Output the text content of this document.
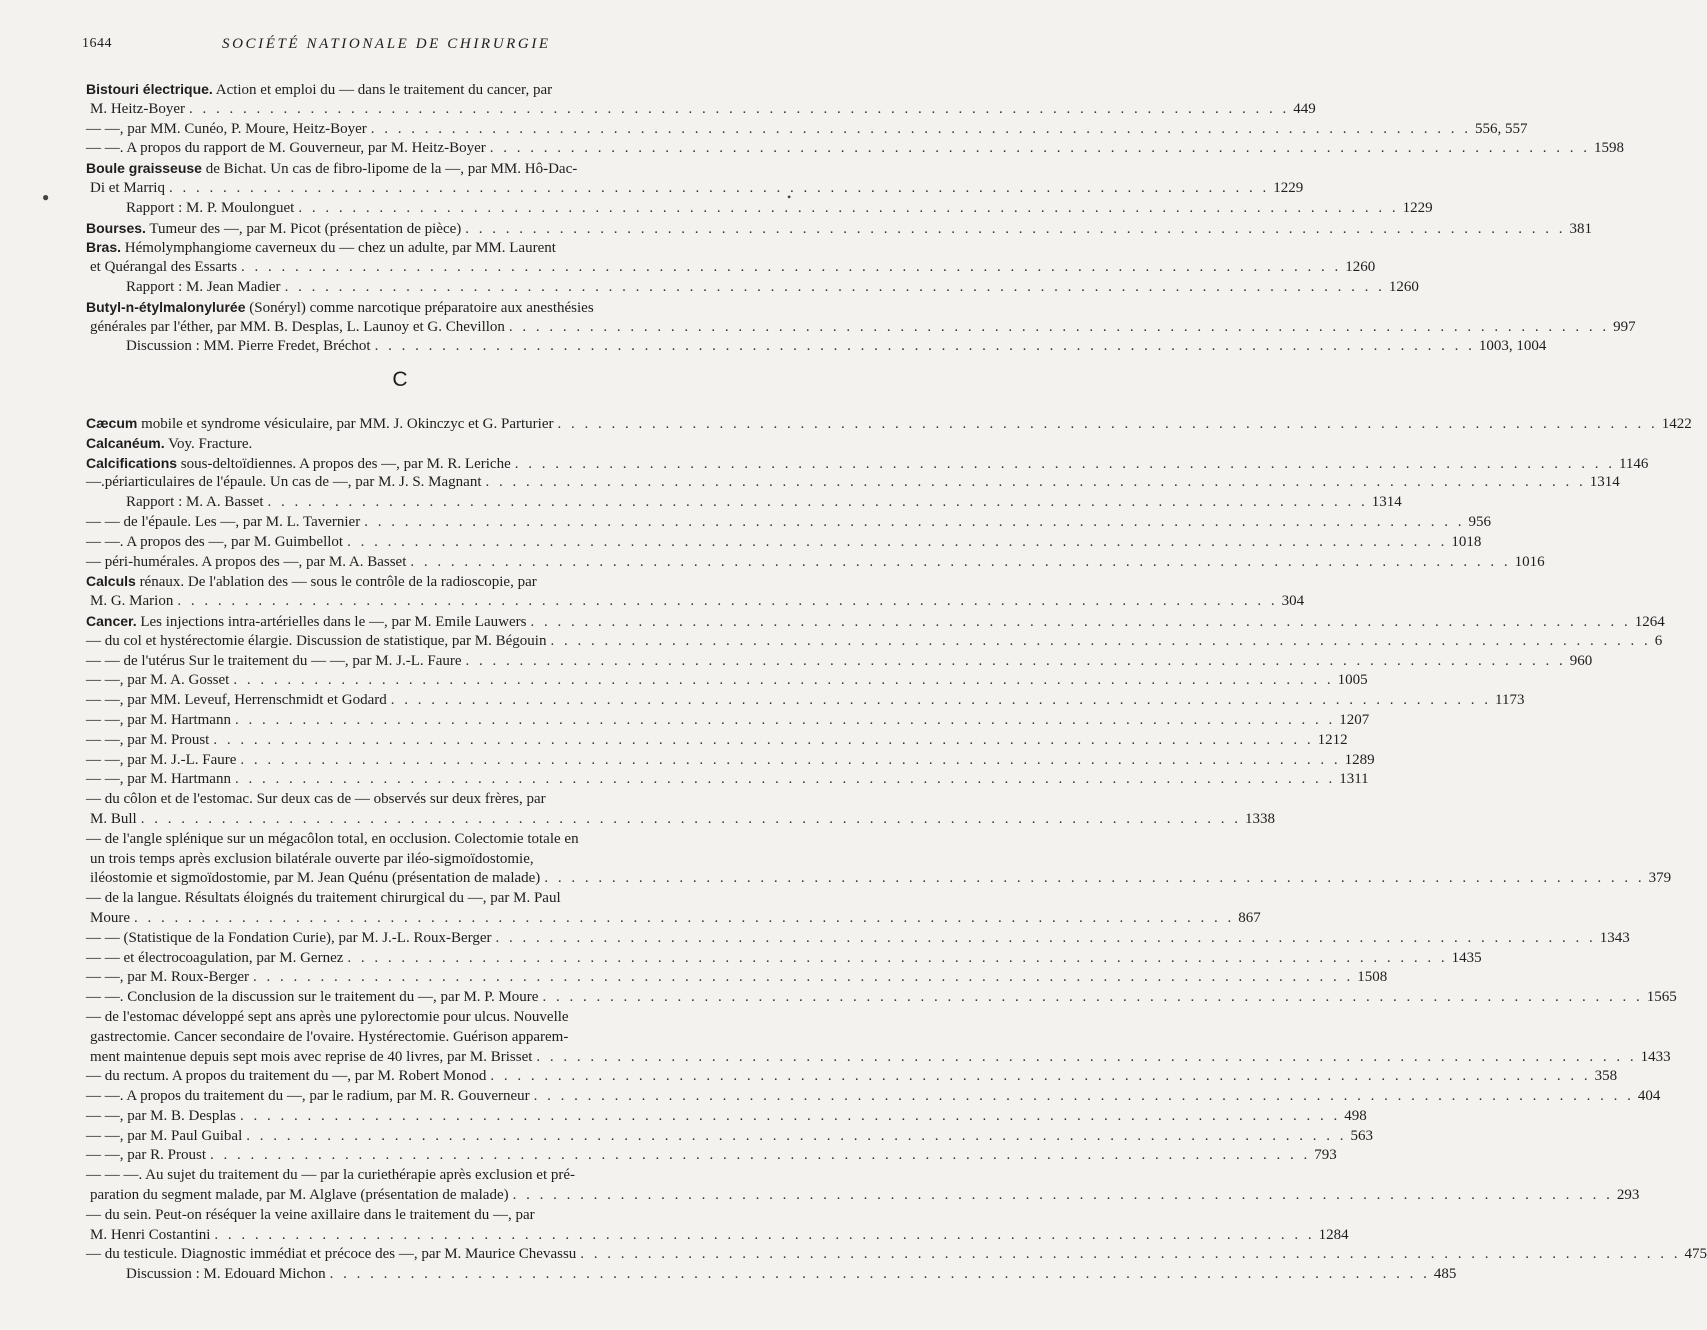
1644	SOCIÉTÉ NATIONALE DE CHIRURGIE
●	•
Bistouri électrique. Action et emploi du — dans le traitement du cancer, par
M. Heitz-Boyer . . .	449
— —, par MM. Cunéo, P. Moure, Heitz-Boyer . . .	556, 557
— —. A propos du rapport de M. Gouverneur, par M. Heitz-Boyer . . .	1598
Boule graisseuse de Bichat. Un cas de fibro-lipome de la —, par MM. Hô-Dac-
Di et Marriq . . .	1229
Rapport : M. P. Moulonguet . . .	1229
Bourses. Tumeur des —, par M. Picot (présentation de pièce) . . .	381
Bras. Hémolymphangiome caverneux du — chez un adulte, par MM. Laurent
et Quérangal des Essarts . . .	1260
Rapport : M. Jean Madier . . .	1260
Butyl-n-étylmalonylurée (Sonéryl) comme narcotique préparatoire aux anesthésies
générales par l'éther, par MM. B. Desplas, L. Launoy et G. Chevillon . . .	997
Discussion : MM. Pierre Fredet, Bréchot . . .	1003, 1004
C
Cæcum mobile et syndrome vésiculaire, par MM. J. Okinczyc et G. Parturier . . .	1422
Calcanéum. Voy. Fracture.
Calcifications sous-deltoïdiennes. A propos des —, par M. R. Leriche . . .	1146
—.périarticulaires de l'épaule. Un cas de —, par M. J. S. Magnant . . .	1314
Rapport : M. A. Basset . . .	1314
— — de l'épaule. Les —, par M. L. Tavernier . . .	956
— —. A propos des —, par M. Guimbellot . . .	1018
— péri-humérales. A propos des —, par M. A. Basset . . .	1016
Calculs rénaux. De l'ablation des — sous le contrôle de la radioscopie, par
M. G. Marion . . .	304
Cancer. Les injections intra-artérielles dans le —, par M. Emile Lauwers . . .	1264
— du col et hystérectomie élargie. Discussion de statistique, par M. Bégouin . . .	6
— — de l'utérus Sur le traitement du — —, par M. J.-L. Faure . . .	960
— —, par M. A. Gosset . . .	1005
— —, par MM. Leveuf, Herrenschmidt et Godard . . .	1173
— —, par M. Hartmann . . .	1207
— —, par M. Proust . . .	1212
— —, par M. J.-L. Faure . . .	1289
— —, par M. Hartmann . . .	1311
— du côlon et de l'estomac. Sur deux cas de — observés sur deux frères, par
M. Bull . . .	1338
— de l'angle splénique sur un mégacôlon total, en occlusion. Colectomie totale en
un trois temps après exclusion bilatérale ouverte par iléo-sigmoïdostomie,
iléostomie et sigmoïdostomie, par M. Jean Quénu (présentation de malade) . . .	379
— de la langue. Résultats éloignés du traitement chirurgical du —, par M. Paul
Moure . . .	867
— — (Statistique de la Fondation Curie), par M. J.-L. Roux-Berger . . .	1343
— — et électrocoagulation, par M. Gernez . . .	1435
— —, par M. Roux-Berger . . .	1508
— —. Conclusion de la discussion sur le traitement du —, par M. P. Moure . . .	1565
— de l'estomac développé sept ans après une pylorectomie pour ulcus. Nouvelle
gastrectomie. Cancer secondaire de l'ovaire. Hystérectomie. Guérison apparem-
ment maintenue depuis sept mois avec reprise de 40 livres, par M. Brisset . . .	1433
— du rectum. A propos du traitement du —, par M. Robert Monod . . .	358
— —. A propos du traitement du —, par le radium, par M. R. Gouverneur . . .	404
— —, par M. B. Desplas . . .	498
— —, par M. Paul Guibal . . .	563
— —, par R. Proust . . .	793
— — —. Au sujet du traitement du — par la curiethérapie après exclusion et pré-
paration du segment malade, par M. Alglave (présentation de malade) . . .	293
— du sein. Peut-on réséquer la veine axillaire dans le traitement du —, par
M. Henri Costantini . . .	1284
— du testicule. Diagnostic immédiat et précoce des —, par M. Maurice Chevassu . . .	475
Discussion : M. Edouard Michon . . .	485
